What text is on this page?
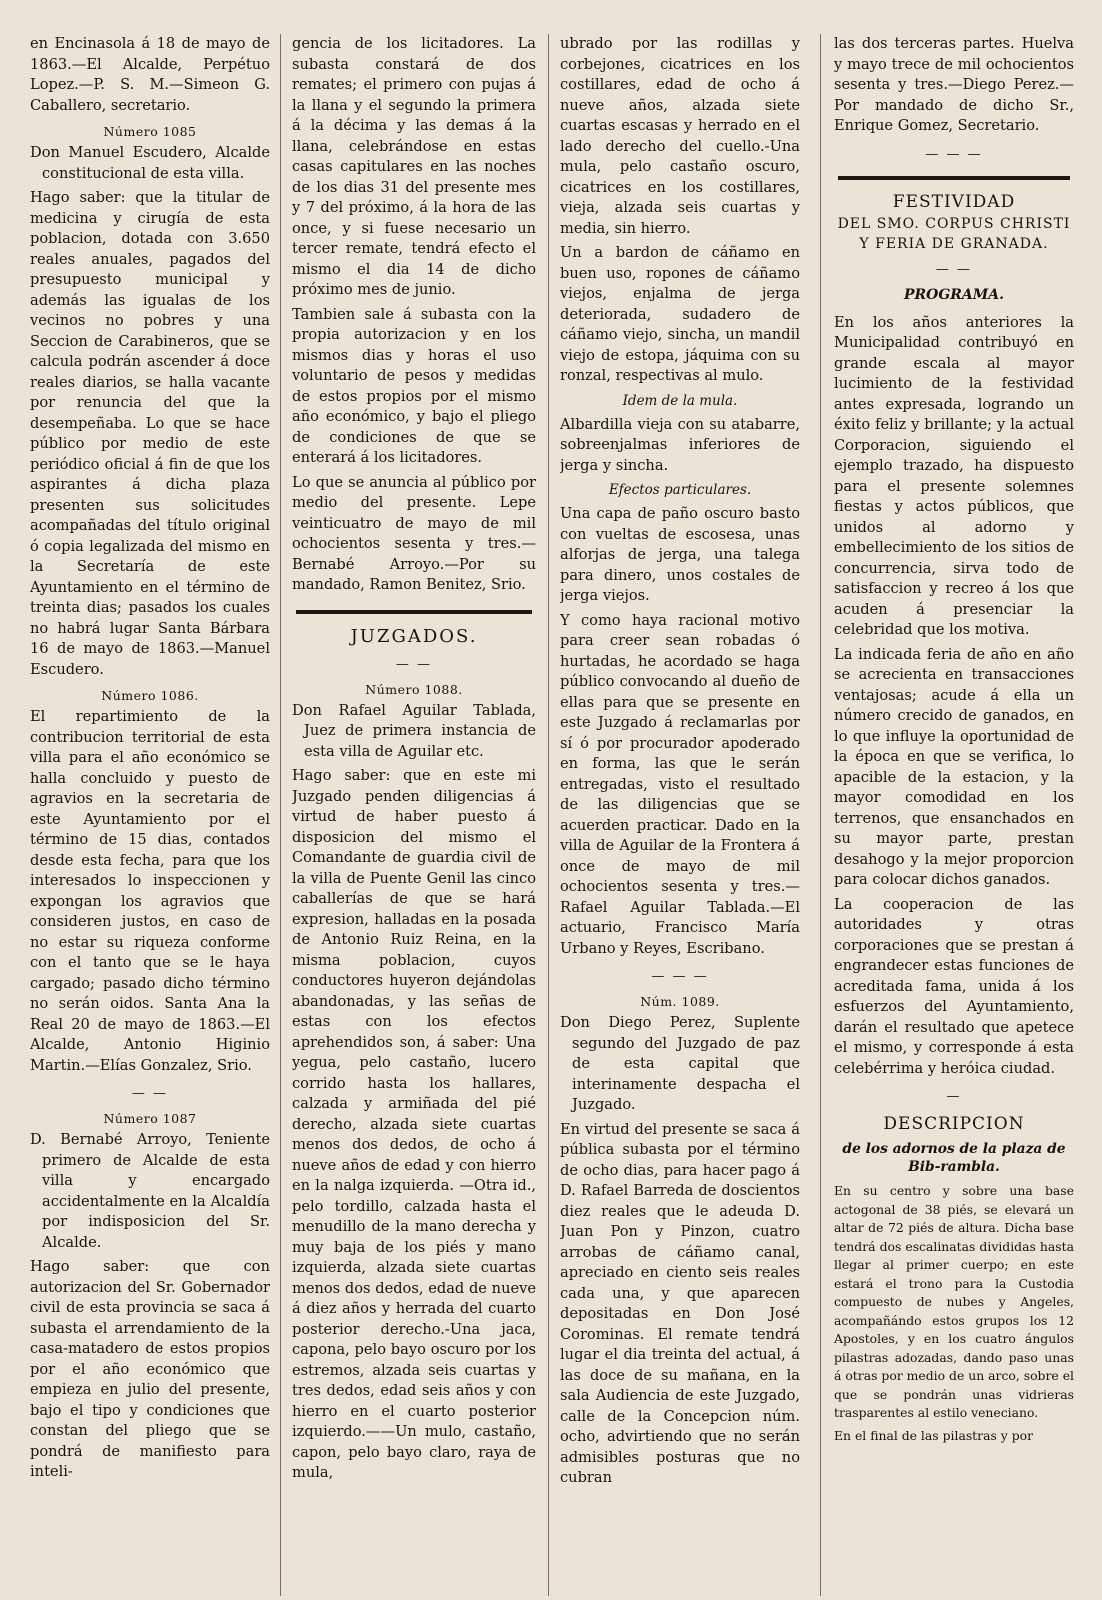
en Encinasola á 18 de mayo de 1863.—El Alcalde, Perpétuo Lopez.—P. S. M.—Simeon G. Caballero, secretario.

Número 1085

Don Manuel Escudero, Alcalde constitucional de esta villa.

Hago saber: que la titular de medicina y cirugía de esta poblacion, dotada con 3.650 reales anuales, pagados del presupuesto municipal y además las igualas de los vecinos no pobres y una Seccion de Carabineros, que se calcula podrán ascender á doce reales diarios, se halla vacante por renuncia del que la desempeñaba. Lo que se hace público por medio de este periódico oficial á fin de que los aspirantes á dicha plaza presenten sus solicitudes acompañadas del título original ó copia legalizada del mismo en la Secretaría de este Ayuntamiento en el término de treinta dias; pasados los cuales no habrá lugar Santa Bárbara 16 de mayo de 1863.—Manuel Escudero.

Número 1086.

El repartimiento de la contribucion territorial de esta villa para el año económico se halla concluido y puesto de agravios en la secretaria de este Ayuntamiento por el término de 15 dias, contados desde esta fecha, para que los interesados lo inspeccionen y expongan los agravios que consideren justos, en caso de no estar su riqueza conforme con el tanto que se le haya cargado; pasado dicho término no serán oidos. Santa Ana la Real 20 de mayo de 1863.—El Alcalde, Antonio Higinio Martin.—Elías Gonzalez, Srio.

— —
Número 1087

D. Bernabé Arroyo, Teniente primero de Alcalde de esta villa y encargado accidentalmente en la Alcaldía por indisposicion del Sr. Alcalde.

Hago saber: que con autorizacion del Sr. Gobernador civil de esta provincia se saca á subasta el arrendamiento de la casa-matadero de estos propios por el año económico que empieza en julio del presente, bajo el tipo y condiciones que constan del pliego que se pondrá de manifiesto para inteli-

gencia de los licitadores. La subasta constará de dos remates; el primero con pujas á la llana y el segundo la primera á la décima y las demas á la llana, celebrándose en estas casas capitulares en las noches de los dias 31 del presente mes y 7 del próximo, á la hora de las once, y si fuese necesario un tercer remate, tendrá efecto el mismo el dia 14 de dicho próximo mes de junio.

Tambien sale á subasta con la propia autorizacion y en los mismos dias y horas el uso voluntario de pesos y medidas de estos propios por el mismo año económico, y bajo el pliego de condiciones de que se enterará á los licitadores.

Lo que se anuncia al público por medio del presente. Lepe veinticuatro de mayo de mil ochocientos sesenta y tres.—Bernabé Arroyo.—Por su mandado, Ramon Benitez, Srio.

JUZGADOS.
— —
Número 1088.

Don Rafael Aguilar Tablada, Juez de primera instancia de esta villa de Aguilar etc.

Hago saber: que en este mi Juzgado penden diligencias á virtud de haber puesto á disposicion del mismo el Comandante de guardia civil de la villa de Puente Genil las cinco caballerías de que se hará expresion, halladas en la posada de Antonio Ruiz Reina, en la misma poblacion, cuyos conductores huyeron dejándolas abandonadas, y las señas de estas con los efectos aprehendidos son, á saber: Una yegua, pelo castaño, lucero corrido hasta los hallares, calzada y armiñada del pié derecho, alzada siete cuartas menos dos dedos, de ocho á nueve años de edad y con hierro en la nalga izquierda. —Otra id., pelo tordillo, calzada hasta el menudillo de la mano derecha y muy baja de los piés y mano izquierda, alzada siete cuartas menos dos dedos, edad de nueve á diez años y herrada del cuarto posterior derecho.-Una jaca, capona, pelo bayo oscuro por los estremos, alzada seis cuartas y tres dedos, edad seis años y con hierro en el cuarto posterior izquierdo.——Un mulo, castaño, capon, pelo bayo claro, raya de mula,

ubrado por las rodillas y corbejones, cicatrices en los costillares, edad de ocho á nueve años, alzada siete cuartas escasas y herrado en el lado derecho del cuello.-Una mula, pelo castaño oscuro, cicatrices en los costillares, vieja, alzada seis cuartas y media, sin hierro.

Un a bardon de cáñamo en buen uso, ropones de cáñamo viejos, enjalma de jerga deteriorada, sudadero de cáñamo viejo, sincha, un mandil viejo de estopa, jáquima con su ronzal, respectivas al mulo.

Idem de la mula.

Albardilla vieja con su atabarre, sobreenjalmas inferiores de jerga y sincha.

Efectos particulares.

Una capa de paño oscuro basto con vueltas de escosesa, unas alforjas de jerga, una talega para dinero, unos costales de jerga viejos.

Y como haya racional motivo para creer sean robadas ó hurtadas, he acordado se haga público convocando al dueño de ellas para que se presente en este Juzgado á reclamarlas por sí ó por procurador apoderado en forma, las que le serán entregadas, visto el resultado de las diligencias que se acuerden practicar. Dado en la villa de Aguilar de la Frontera á once de mayo de mil ochocientos sesenta y tres.—Rafael Aguilar Tablada.—El actuario, Francisco María Urbano y Reyes, Escribano.

— — —
Núm. 1089.

Don Diego Perez, Suplente segundo del Juzgado de paz de esta capital que interinamente despacha el Juzgado.

En virtud del presente se saca á pública subasta por el término de ocho dias, para hacer pago á D. Rafael Barreda de doscientos diez reales que le adeuda D. Juan Pon y Pinzon, cuatro arrobas de cáñamo canal, apreciado en ciento seis reales cada una, y que aparecen depositadas en Don José Corominas. El remate tendrá lugar el dia treinta del actual, á las doce de su mañana, en la sala Audiencia de este Juzgado, calle de la Concepcion núm. ocho, advirtiendo que no serán admisibles posturas que no cubran

las dos terceras partes. Huelva y mayo trece de mil ochocientos sesenta y tres.—Diego Perez.—Por mandado de dicho Sr., Enrique Gomez, Secretario.

— — —
FESTIVIDAD
DEL SMO. CORPUS CHRISTI
Y FERIA DE GRANADA.
— —
PROGRAMA.

En los años anteriores la Municipalidad contribuyó en grande escala al mayor lucimiento de la festividad antes expresada, logrando un éxito feliz y brillante; y la actual Corporacion, siguiendo el ejemplo trazado, ha dispuesto para el presente solemnes fiestas y actos públicos, que unidos al adorno y embellecimiento de los sitios de concurrencia, sirva todo de satisfaccion y recreo á los que acuden á presenciar la celebridad que los motiva.

La indicada feria de año en año se acrecienta en transacciones ventajosas; acude á ella un número crecido de ganados, en lo que influye la oportunidad de la época en que se verifica, lo apacible de la estacion, y la mayor comodidad en los terrenos, que ensanchados en su mayor parte, prestan desahogo y la mejor proporcion para colocar dichos ganados.

La cooperacion de las autoridades y otras corporaciones que se prestan á engrandecer estas funciones de acreditada fama, unida á los esfuerzos del Ayuntamiento, darán el resultado que apetece el mismo, y corresponde á esta celebérrima y heróica ciudad.

—
DESCRIPCION
de los adornos de la plaza de Bib-rambla.

En su centro y sobre una base actogonal de 38 piés, se elevará un altar de 72 piés de altura. Dicha base tendrá dos escalinatas divididas hasta llegar al primer cuerpo; en este estará el trono para la Custodia compuesto de nubes y Angeles, acompañándo estos grupos los 12 Apostoles, y en los cuatro ángulos pilastras adozadas, dando paso unas á otras por medio de un arco, sobre el que se pondrán unas vidrieras trasparentes al estilo veneciano.

En el final de las pilastras y por
